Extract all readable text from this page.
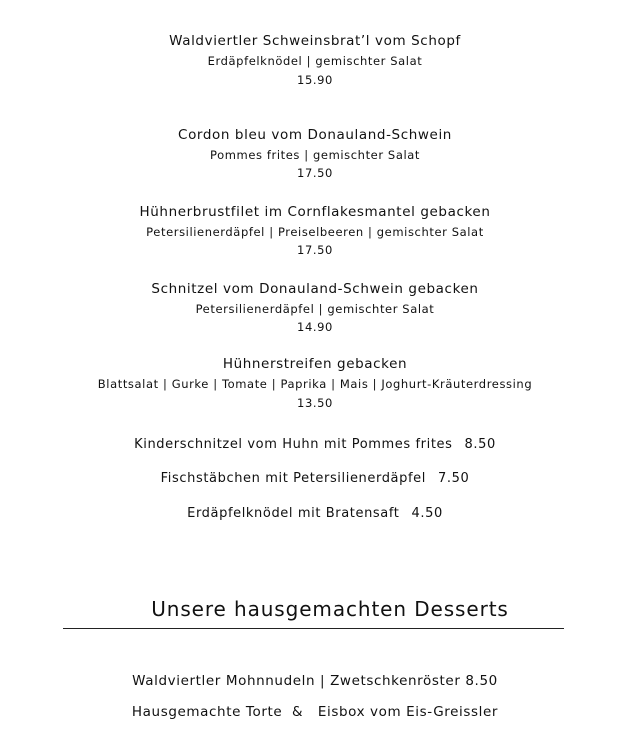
Waldviertler Schweinsbrat’l vom Schopf
Erdäpfelknödel | gemischter Salat
15.90
Cordon bleu vom Donauland-Schwein
Pommes frites | gemischter Salat
17.50
Hühnerbrustfilet im Cornflakesmantel gebacken
Petersilienerdäpfel | Preiselbeeren | gemischter Salat
17.50
Schnitzel vom Donauland-Schwein gebacken
Petersilienerdäpfel | gemischter Salat
14.90
Hühnerstreifen gebacken
Blattsalat | Gurke | Tomate | Paprika | Mais | Joghurt-Kräuterdressing
13.50
Kinderschnitzel vom Huhn mit Pommes frites 8.50
Fischstäbchen mit Petersilienerdäpfel 7.50
Erdäpfelknödel mit Bratensaft 4.50
Unsere hausgemachten Desserts
Waldviertler Mohnnudeln | Zwetschkenröster 8.50
Hausgemachte Torte  &   Eisbox vom Eis-Greissler
